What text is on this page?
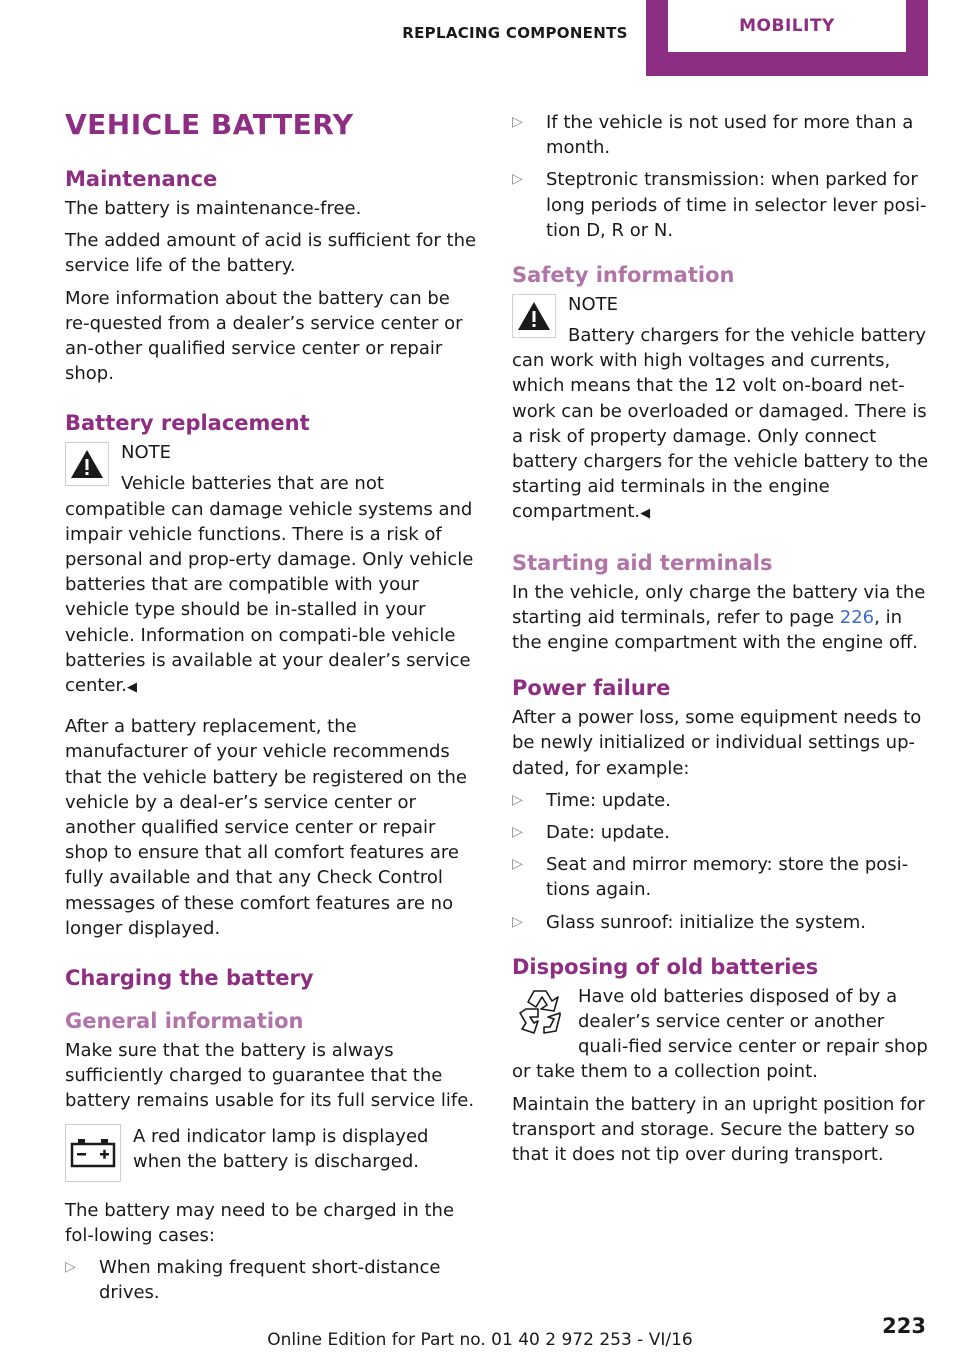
REPLACING COMPONENTS	MOBILITY
VEHICLE BATTERY
Maintenance

The battery is maintenance-free.

The added amount of acid is sufficient for the service life of the battery.

More information about the battery can be re‐quested from a dealer’s service center or an‐other qualified service center or repair shop.

Battery replacement
NOTE
Vehicle batteries that are not compatible can damage vehicle systems and impair vehicle functions. There is a risk of personal and prop‐erty damage. Only vehicle batteries that are compatible with your vehicle type should be in‐stalled in your vehicle. Information on compati‐ble vehicle batteries is available at your dealer’s service center.◀

After a battery replacement, the manufacturer of your vehicle recommends that the vehicle battery be registered on the vehicle by a deal‐er’s service center or another qualified service center or repair shop to ensure that all comfort features are fully available and that any Check Control messages of these comfort features are no longer displayed.

Charging the battery
General information

Make sure that the battery is always sufficiently charged to guarantee that the battery remains usable for its full service life.

A red indicator lamp is displayed when the battery is discharged.

The battery may need to be charged in the fol‐lowing cases:

▷ When making frequent short-distance drives.
▷ If the vehicle is not used for more than a month.
▷ Steptronic transmission: when parked for long periods of time in selector lever posi‐tion D, R or N.
Safety information
NOTE
Battery chargers for the vehicle battery can work with high voltages and currents, which means that the 12 volt on-board net‐work can be overloaded or damaged. There is a risk of property damage. Only connect battery chargers for the vehicle battery to the starting aid terminals in the engine compartment.◀
Starting aid terminals

In the vehicle, only charge the battery via the starting aid terminals, refer to page 226, in the engine compartment with the engine off.

Power failure

After a power loss, some equipment needs to be newly initialized or individual settings up‐dated, for example:

▷ Time: update.
▷ Date: update.
▷ Seat and mirror memory: store the posi‐tions again.
▷ Glass sunroof: initialize the system.
Disposing of old batteries

Have old batteries disposed of by a dealer’s service center or another quali‐fied service center or repair shop or take them to a collection point.

Maintain the battery in an upright position for transport and storage. Secure the battery so that it does not tip over during transport.

223
Online Edition for Part no. 01 40 2 972 253 - VI/16
